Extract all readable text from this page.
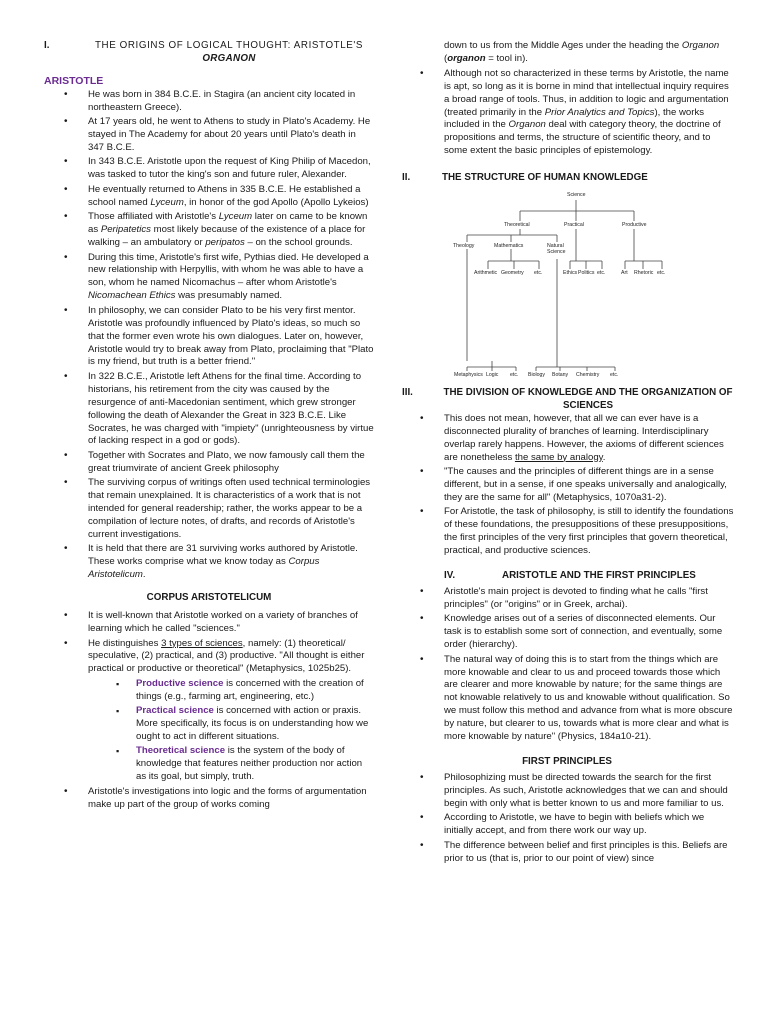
I.	THE ORIGINS OF LOGICAL THOUGHT: ARISTOTLE'S
ORGANON
ARISTOTLE
• He was born in 384 B.C.E. in Stagira (an ancient city located in northeastern Greece).
• At 17 years old, he went to Athens to study in Plato's Academy. He stayed in The Academy for about 20 years until Plato's death in 347 B.C.E.
• In 343 B.C.E. Aristotle upon the request of King Philip of Macedon, was tasked to tutor the king's son and future ruler, Alexander.
• He eventually returned to Athens in 335 B.C.E. He established a school named Lyceum, in honor of the god Apollo (Apollo Lykeios)
• Those affiliated with Aristotle's Lyceum later on came to be known as Peripatetics most likely because of the existence of a place for walking – an ambulatory or peripatos – on the school grounds.
• During this time, Aristotle's first wife, Pythias died. He developed a new relationship with Herpyllis, with whom he was able to have a son, whom he named Nicomachus – after whom Aristotle's Nicomachean Ethics was presumably named.
• In philosophy, we can consider Plato to be his very first mentor. Aristotle was profoundly influenced by Plato's ideas, so much so that the former even wrote his own dialogues. Later on, however, Aristotle would try to break away from Plato, proclaiming that "Plato is my friend, but truth is a better friend."
• In 322 B.C.E., Aristotle left Athens for the final time. According to historians, his retirement from the city was caused by the resurgence of anti-Macedonian sentiment, which grew stronger following the death of Alexander the Great in 323 B.C.E. Like Socrates, he was charged with "impiety" (unrighteousness by virtue of lacking respect in a god or gods).
• Together with Socrates and Plato, we now famously call them the great triumvirate of ancient Greek philosophy
• The surviving corpus of writings often used technical terminologies that remain unexplained. It is characteristics of a work that is not intended for general readership; rather, the works appear to be a compilation of lecture notes, of drafts, and records of Aristotle's current investigations.
• It is held that there are 31 surviving works authored by Aristotle. These works comprise what we know today as Corpus Aristotelicum.
CORPUS ARISTOTELICUM
• It is well-known that Aristotle worked on a variety of branches of learning which he called "sciences."
• He distinguishes 3 types of sciences, namely: (1) theoretical/ speculative, (2) practical, and (3) productive. "All thought is either practical or productive or theoretical" (Metaphysics, 1025b25).
▪ Productive science is concerned with the creation of things (e.g., farming art, engineering, etc.)
▪ Practical science is concerned with action or praxis. More specifically, its focus is on understanding how we ought to act in different situations.
▪ Theoretical science is the system of the body of knowledge that features neither production nor action as its goal, but simply, truth.
• Aristotle's investigations into logic and the forms of argumentation make up part of the group of works coming
down to us from the Middle Ages under the heading the Organon (organon = tool in).
• Although not so characterized in these terms by Aristotle, the name is apt, so long as it is borne in mind that intellectual inquiry requires a broad range of tools. Thus, in addition to logic and argumentation (treated primarily in the Prior Analytics and Topics), the works included in the Organon deal with category theory, the doctrine of propositions and terms, the structure of scientific theory, and to some extent the basic principles of epistemology.
II.	THE STRUCTURE OF HUMAN KNOWLEDGE
Science
Theoretical	Practical	Productive
Theology	Mathematics	Natural
Science
Arithmetic Geometry etc.	Ethics Politics etc.	Art Rhetoric etc.
Metaphysics Logic etc. Biology Botany Chemistry etc.
III.	THE DIVISION OF KNOWLEDGE AND THE ORGANIZATION OF SCIENCES
• This does not mean, however, that all we can ever have is a disconnected plurality of branches of learning. Interdisciplinary overlap rarely happens. However, the axioms of different sciences are nonetheless the same by analogy.
• "The causes and the principles of different things are in a sense different, but in a sense, if one speaks universally and analogically, they are the same for all" (Metaphysics, 1070a31-2).
• For Aristotle, the task of philosophy, is still to identify the foundations of these foundations, the presuppositions of these presuppositions, the first principles of the very first principles that govern theoretical, practical, and productive sciences.
IV.	ARISTOTLE AND THE FIRST PRINCIPLES
• Aristotle's main project is devoted to finding what he calls "first principles" (or "origins" or in Greek, archai).
• Knowledge arises out of a series of disconnected elements. Our task is to establish some sort of connection, and eventually, some order (hierarchy).
• The natural way of doing this is to start from the things which are more knowable and clear to us and proceed towards those which are clearer and more knowable by nature; for the same things are not knowable relatively to us and knowable without qualification. So we must follow this method and advance from what is more obscure by nature, but clearer to us, towards what is more clear and what is more knowable by nature" (Physics, 184a10-21).
FIRST PRINCIPLES
• Philosophizing must be directed towards the search for the first principles. As such, Aristotle acknowledges that we can and should begin with only what is better known to us and more familiar to us.
• According to Aristotle, we have to begin with beliefs which we initially accept, and from there work our way up.
• The difference between belief and first principles is this. Beliefs are prior to us (that is, prior to our point of view) since
